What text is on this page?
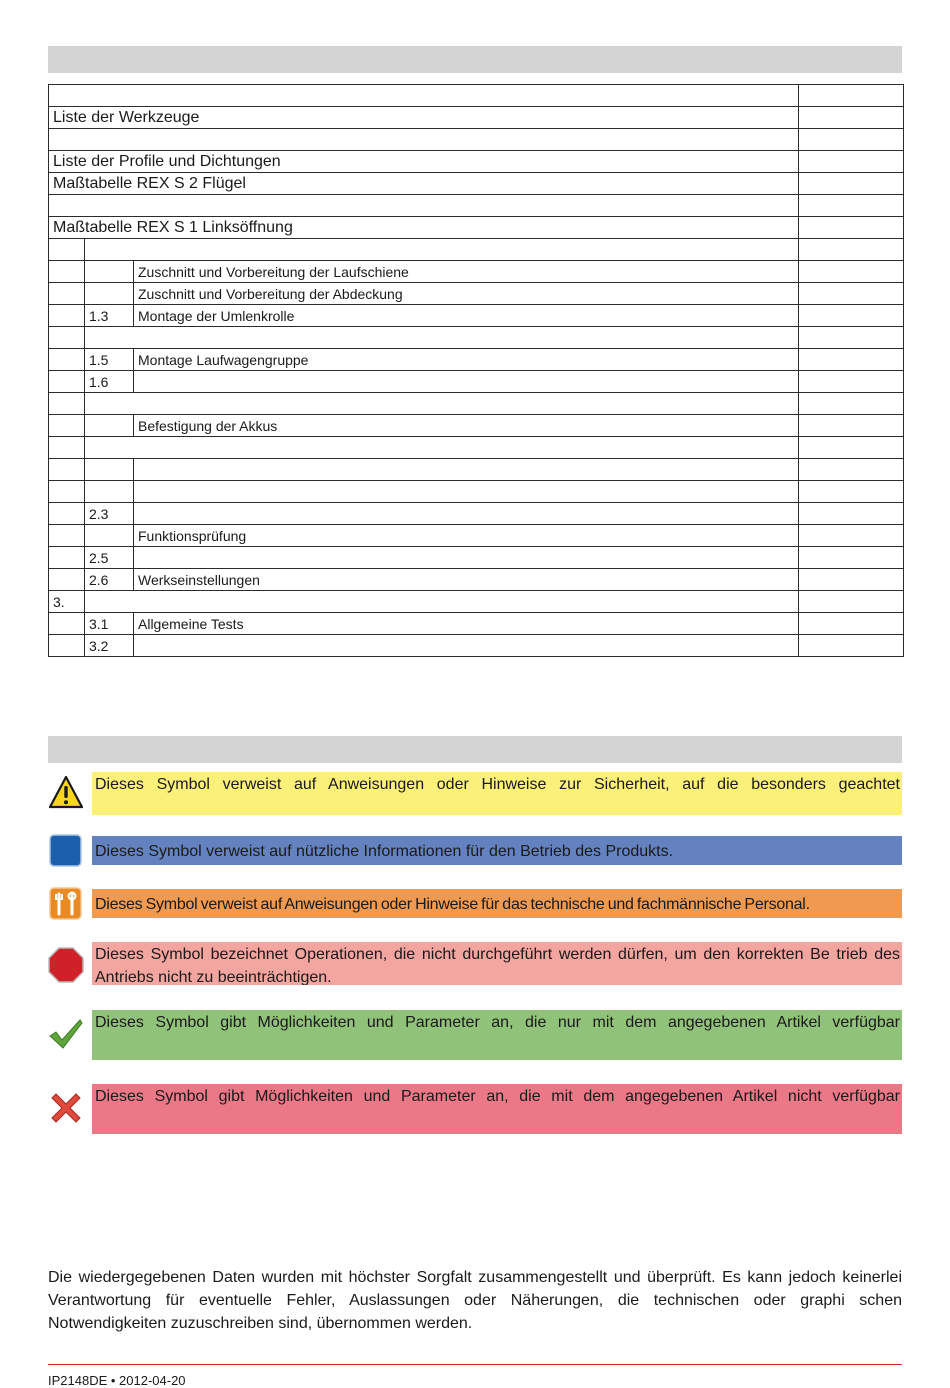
Liste der Werkzeuge			

Liste der Profile und Dichtungen			
Maßtabelle REX S 2 Flügel			

Maßtabelle REX S 1 Linksöffnung			

		Zuschnitt und Vorbereitung der Laufschiene	
		Zuschnitt und Vorbereitung der Abdeckung	
	1.3	Montage der Umlenkrolle	

	1.5	Montage Laufwagengruppe	
	1.6		

		Befestigung der Akkus	

	2.3		
		Funktionsprüfung	
	2.5		
	2.6	Werkseinstellungen	
3.			
	3.1	Allgemeine Tests	
	3.2		
Dieses Symbol verweist auf Anweisungen oder Hinweise zur Sicherheit, auf die besonders geachtet
Dieses Symbol verweist auf nützliche Informationen für den Betrieb des Produkts.
Dieses Symbol verweist auf Anweisungen oder Hinweise für das technische und fachmännische Personal.
Dieses Symbol bezeichnet Operationen, die nicht durchgeführt werden dürfen, um den korrekten Be trieb des Antriebs nicht zu beeinträchtigen.
Dieses Symbol gibt Möglichkeiten und Parameter an, die nur mit dem angegebenen Artikel verfügbar
Dieses Symbol gibt Möglichkeiten und Parameter an, die mit dem angegebenen Artikel nicht verfügbar
Die wiedergegebenen Daten wurden mit höchster Sorgfalt zusammengestellt und überprüft. Es kann jedoch keinerlei Verantwortung für eventuelle Fehler, Auslassungen oder Näherungen, die technischen oder graphi schen Notwendigkeiten zuzuschreiben sind, übernommen werden.
IP2148DE • 2012-04-20
